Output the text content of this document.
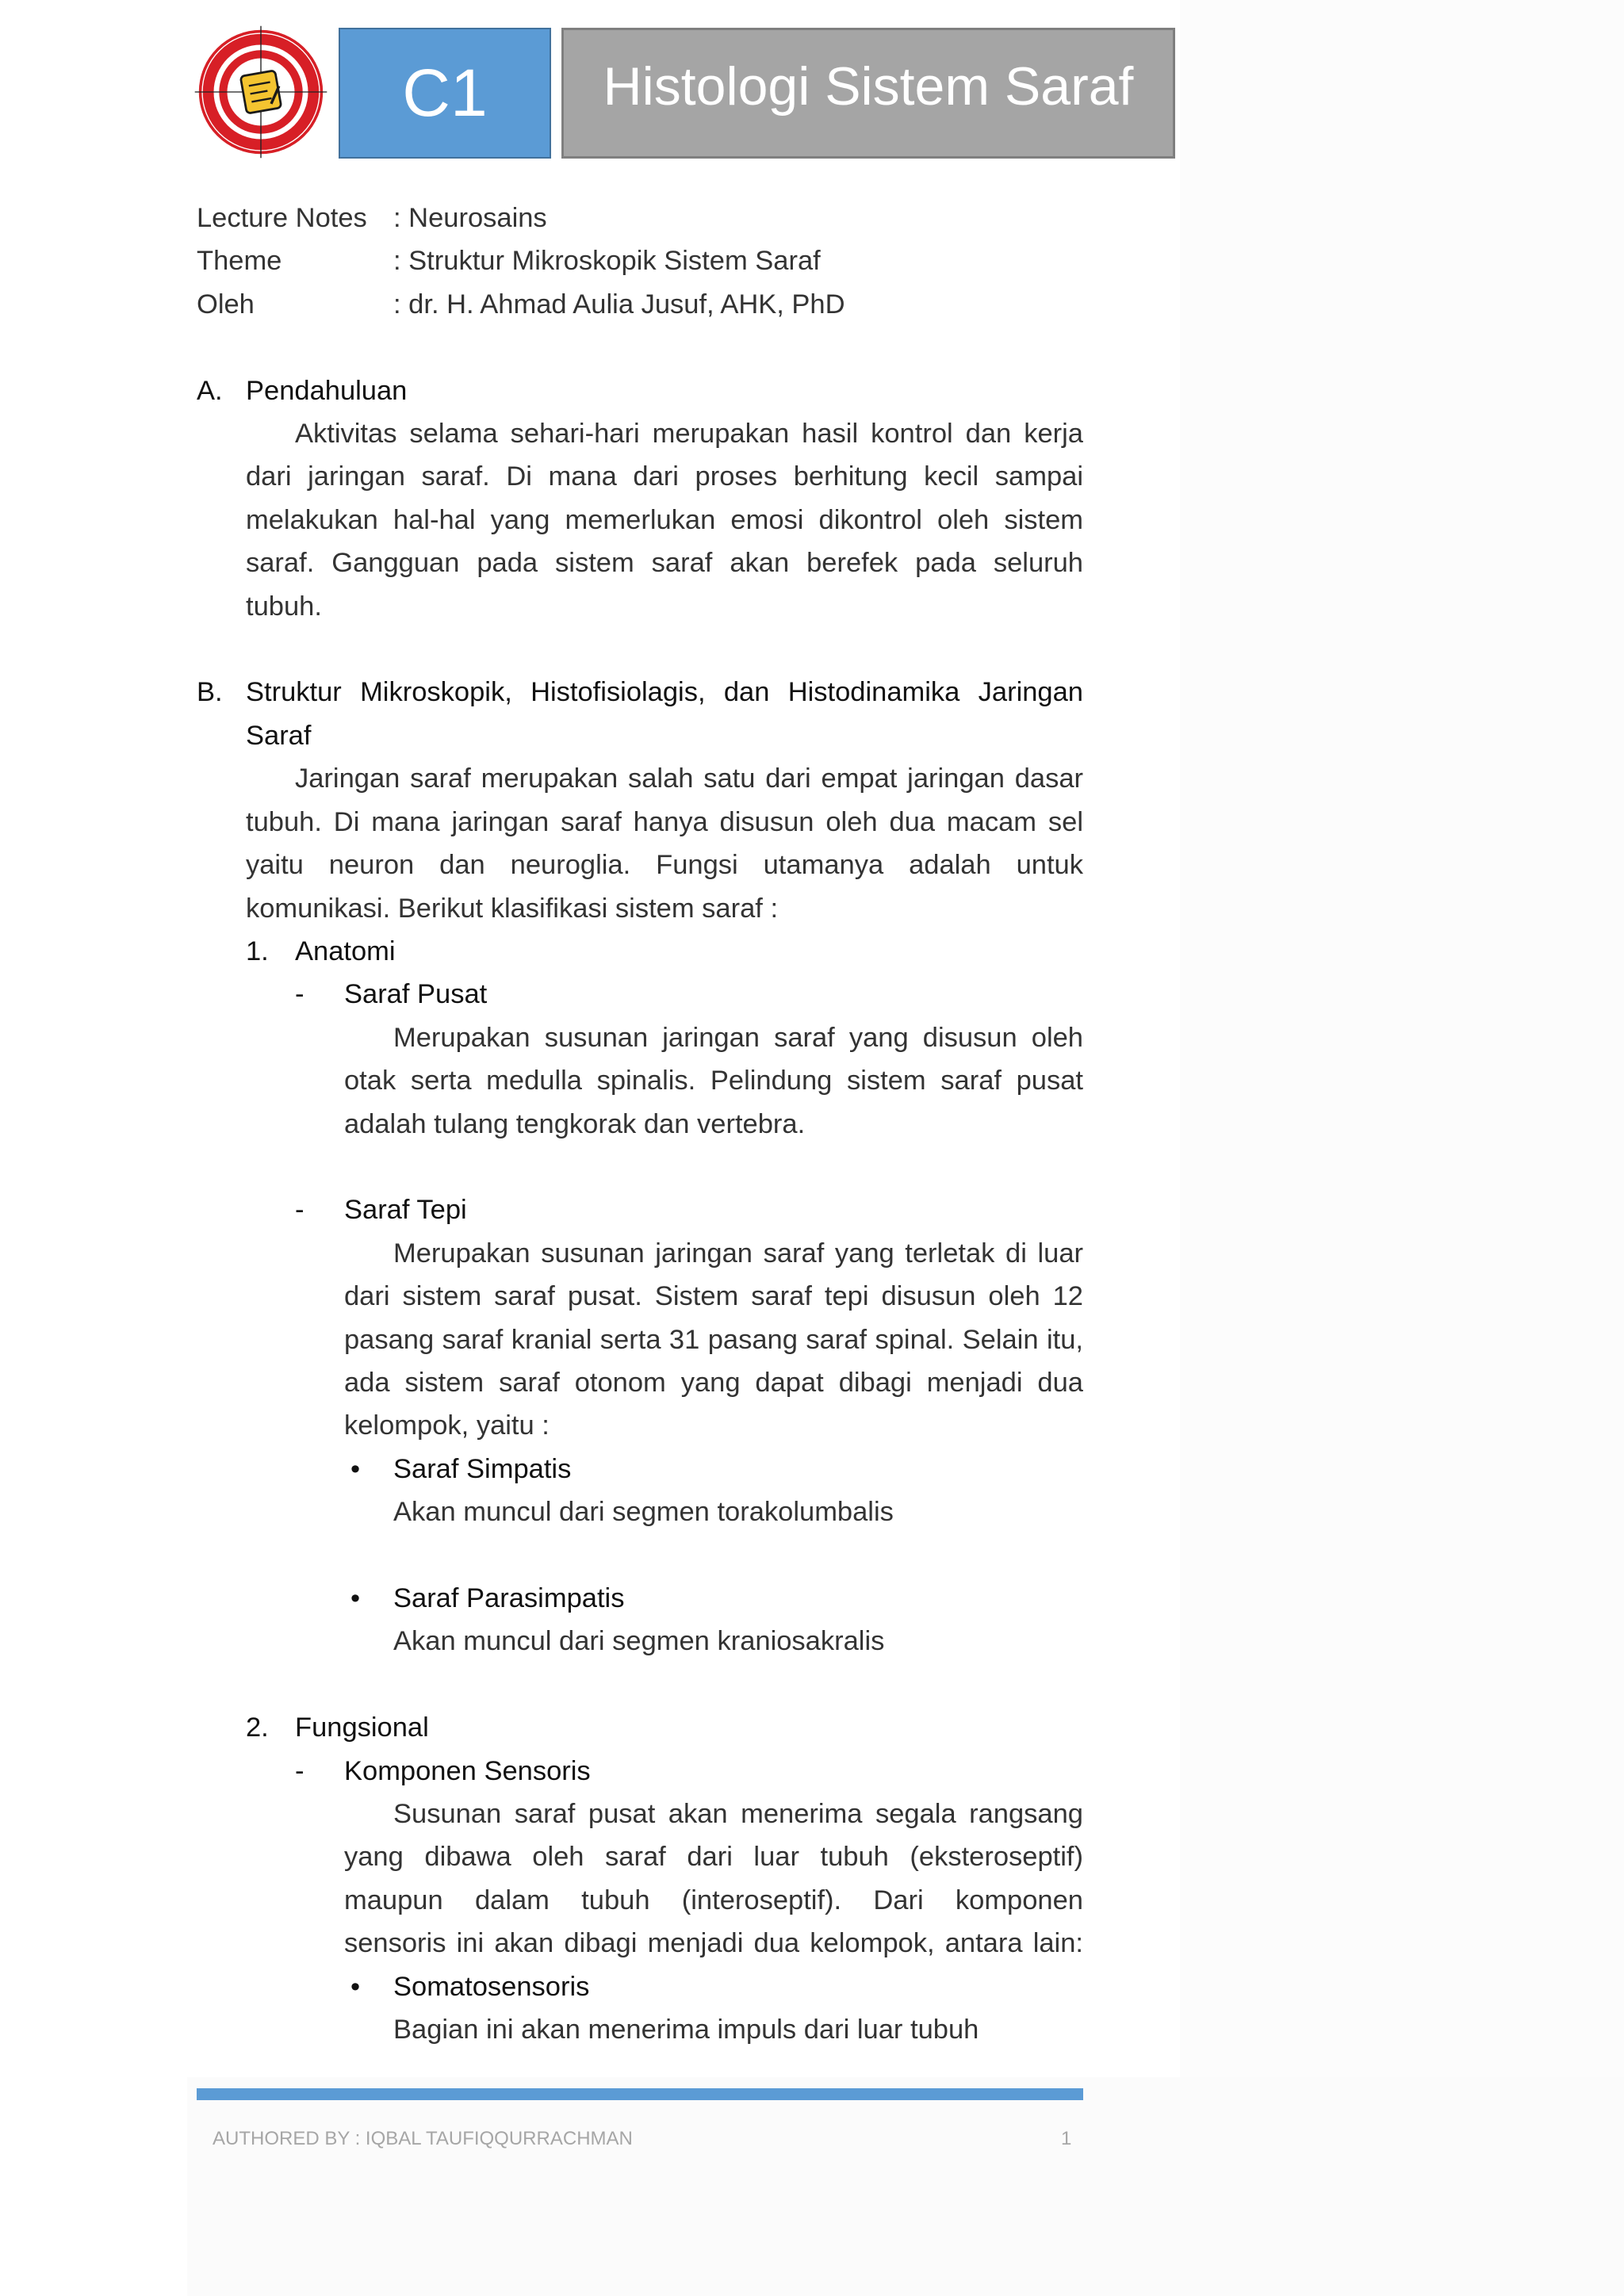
C1 Histologi Sistem Saraf
Lecture Notes : Neurosains
Theme	: Struktur Mikroskopik Sistem Saraf
Oleh	: dr. H. Ahmad Aulia Jusuf, AHK, PhD
A. Pendahuluan
Aktivitas selama sehari-hari merupakan hasil kontrol dan kerja
dari jaringan saraf. Di mana dari proses berhitung kecil sampai
melakukan hal-hal yang memerlukan emosi dikontrol oleh sistem
saraf. Gangguan pada sistem saraf akan berefek pada seluruh
tubuh.
B. Struktur Mikroskopik, Histofisiolagis, dan Histodinamika Jaringan
Saraf
Jaringan saraf merupakan salah satu dari empat jaringan dasar
tubuh. Di mana jaringan saraf hanya disusun oleh dua macam sel
yaitu neuron dan neuroglia. Fungsi utamanya adalah untuk
komunikasi. Berikut klasifikasi sistem saraf :
1. Anatomi
- Saraf Pusat
Merupakan susunan jaringan saraf yang disusun oleh
otak serta medulla spinalis. Pelindung sistem saraf pusat
adalah tulang tengkorak dan vertebra.
- Saraf Tepi
Merupakan susunan jaringan saraf yang terletak di luar
dari sistem saraf pusat. Sistem saraf tepi disusun oleh 12
pasang saraf kranial serta 31 pasang saraf spinal. Selain itu,
ada sistem saraf otonom yang dapat dibagi menjadi dua
kelompok, yaitu :
• Saraf Simpatis
Akan muncul dari segmen torakolumbalis
• Saraf Parasimpatis
Akan muncul dari segmen kraniosakralis
2. Fungsional
- Komponen Sensoris
Susunan saraf pusat akan menerima segala rangsang
yang dibawa oleh saraf dari luar tubuh (eksteroseptif)
maupun dalam tubuh (interoseptif). Dari komponen
sensoris ini akan dibagi menjadi dua kelompok, antara lain:
• Somatosensoris
Bagian ini akan menerima impuls dari luar tubuh
AUTHORED BY : IQBAL TAUFIQQURRACHMAN	1
